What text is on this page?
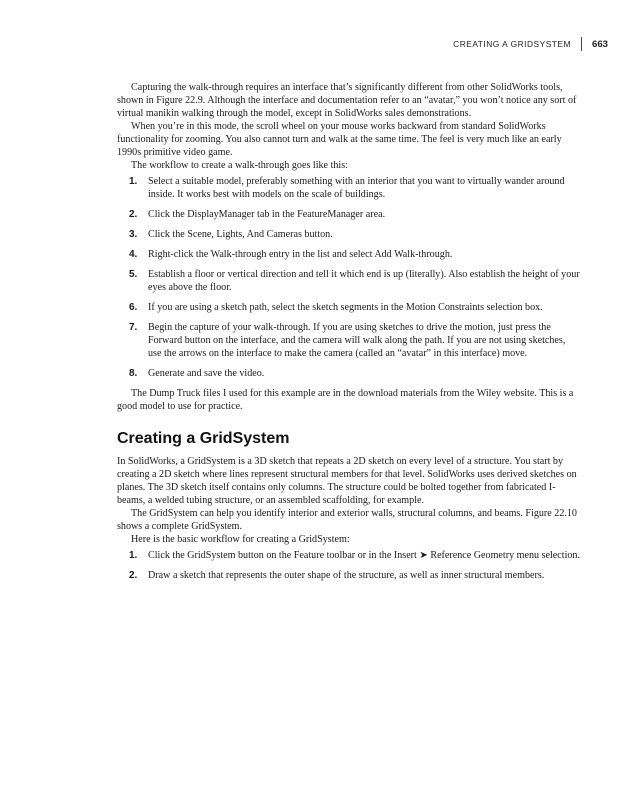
CREATING A GRIDSYSTEM 663

Capturing the walk-through requires an interface that’s significantly different from other SolidWorks tools, shown in Figure 22.9. Although the interface and documentation refer to an “avatar,” you won’t notice any sort of virtual manikin walking through the model, except in SolidWorks sales demonstrations.

When you’re in this mode, the scroll wheel on your mouse works backward from standard SolidWorks functionality for zooming. You also cannot turn and walk at the same time. The feel is very much like an early 1990s primitive video game.

The workflow to create a walk-through goes like this:

1. Select a suitable model, preferably something with an interior that you want to virtually wander around inside. It works best with models on the scale of buildings.
2. Click the DisplayManager tab in the FeatureManager area.
3. Click the Scene, Lights, And Cameras button.
4. Right-click the Walk-through entry in the list and select Add Walk-through.
5. Establish a floor or vertical direction and tell it which end is up (literally). Also establish the height of your eyes above the floor.
6. If you are using a sketch path, select the sketch segments in the Motion Constraints selection box.
7. Begin the capture of your walk-through. If you are using sketches to drive the motion, just press the Forward button on the interface, and the camera will walk along the path. If you are not using sketches, use the arrows on the interface to make the camera (called an “avatar” in this interface) move.
8. Generate and save the video.

The Dump Truck files I used for this example are in the download materials from the Wiley website. This is a good model to use for practice.

Creating a GridSystem

In SolidWorks, a GridSystem is a 3D sketch that repeats a 2D sketch on every level of a structure. You start by creating a 2D sketch where lines represent structural members for that level. SolidWorks uses derived sketches on planes. The 3D sketch itself contains only columns. The structure could be bolted together from fabricated I-beams, a welded tubing structure, or an assembled scaffolding, for example.

The GridSystem can help you identify interior and exterior walls, structural columns, and beams. Figure 22.10 shows a complete GridSystem.

Here is the basic workflow for creating a GridSystem:

1. Click the GridSystem button on the Feature toolbar or in the Insert ➤ Reference Geometry menu selection.
2. Draw a sketch that represents the outer shape of the structure, as well as inner structural members.
